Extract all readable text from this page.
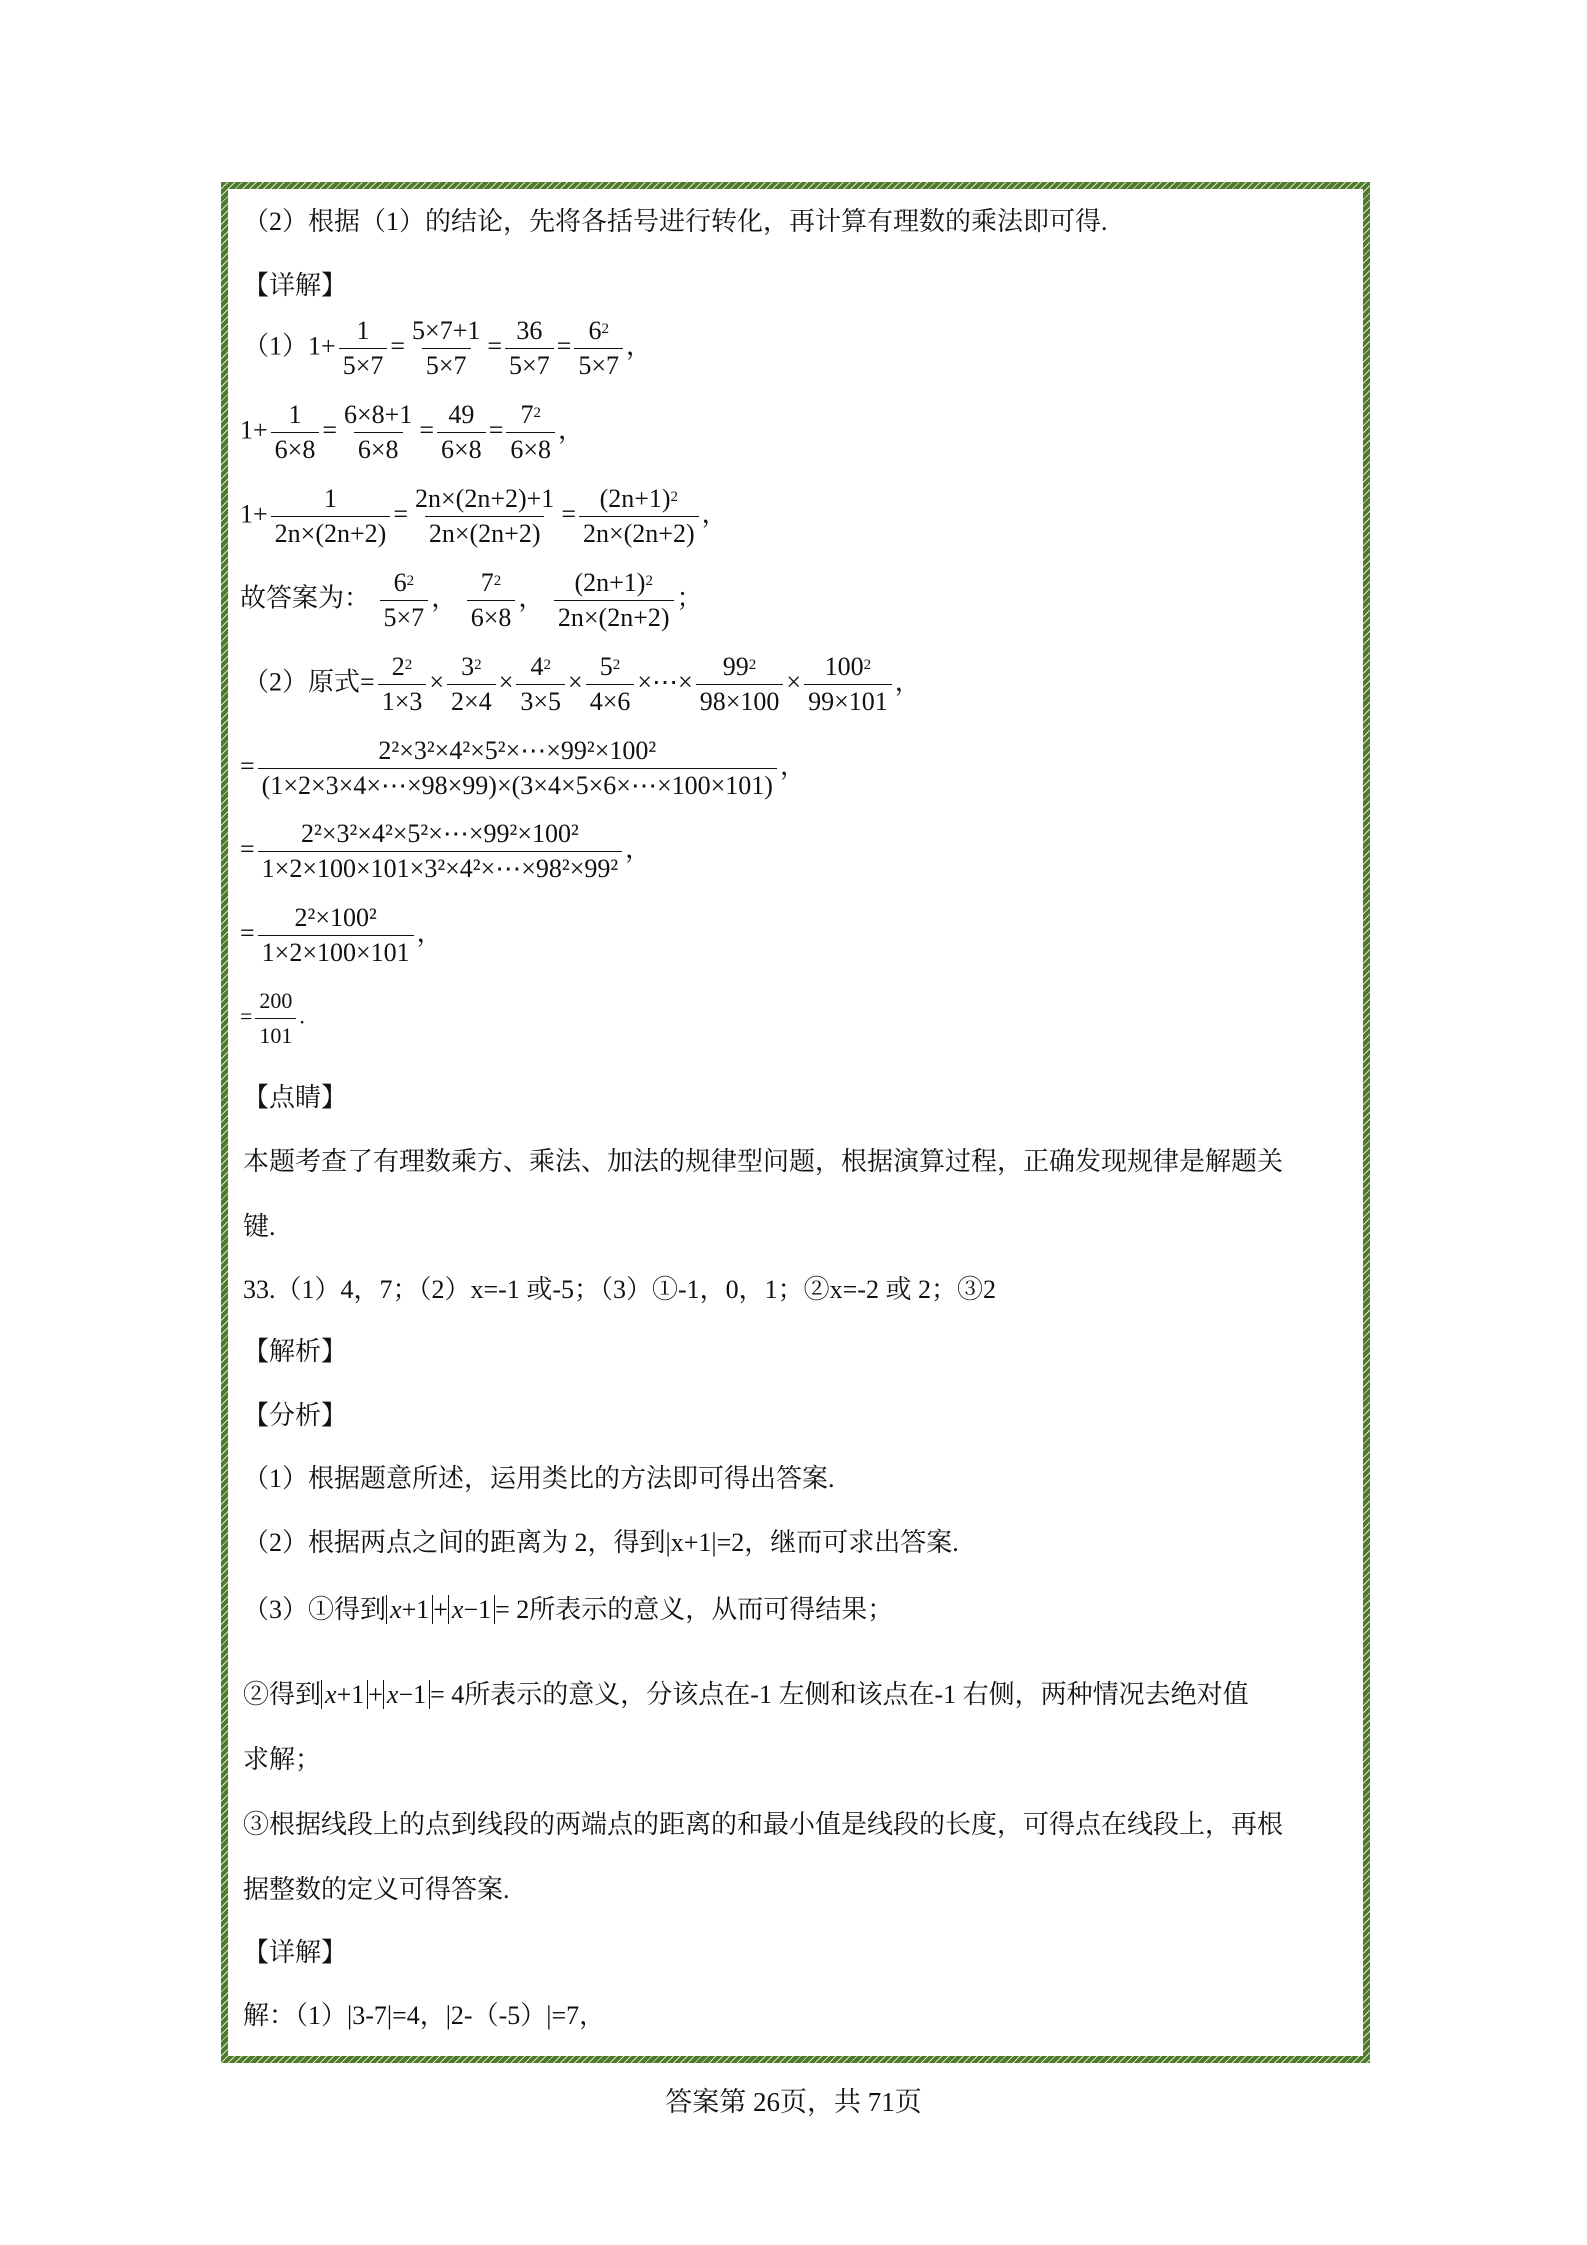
（2）根据（1）的结论，先将各括号进行转化，再计算有理数的乘法即可得.
【详解】
$(1)1+ \frac{1}{5\times 7} = \frac{5\times 7+1}{5\times 7} = \frac{36}{5\times 7} = \frac{6^2}{5\times 7}$ ，
$1+ \frac{1}{6\times 8} = \frac{6\times 8+1}{6\times 8} = \frac{49}{6\times 8} = \frac{7^2}{6\times 8}$ ，
$1+ \frac{1}{2n\times(2n+2)} = \frac{2n\times(2n+2)+1}{2n\times(2n+2)} = \frac{(2n+1)^2}{2n\times(2n+2)}$ ，
故答案为： $\frac{6^2}{5\times 7}$ ， $\frac{7^2}{6\times 8}$ ， $\frac{(2n+1)^2}{2n\times(2n+2)}$ ；
（2）原式= $\frac{2^2}{1\times 3} \times \frac{3^2}{2\times 4} \times \frac{4^2}{3\times 5} \times \frac{5^2}{4\times 6}$ ×⋯× $\frac{99^2}{98\times 100} \times \frac{100^2}{99\times 101}$ ，
= $\frac{\text{2²×3²×4²×5²×⋯×99²×100²}}{(1\times 2\times 3\times 4\times\cdots\times 98\times 99)\times(3\times 4\times 5\times 6\times\cdots\times 100\times 101)}$ ，
= $\frac{\text{2²×3²×4²×5²×⋯×99²×100²}}{\text{1×2×100×101×3²×4²×⋯×98²×99²}}$ ，
= $\frac{\text{2²×100²}}{1\times 2\times 100\times 101}$ ，
= $\frac{200}{101}$ .
【点睛】
本题考查了有理数乘方、乘法、加法的规律型问题，根据演算过程，正确发现规律是解题关
键.
33.（1）4，7；（2）x=-1 或-5；（3）①-1，0，1；②x=-2 或 2；③2
【解析】
【分析】
（1）根据题意所述，运用类比的方法即可得出答案.
（2）根据两点之间的距离为 2，得到|x+1|=2，继而可求出答案.
（3）①得到 x+1 + x−1 = 2所表示的意义，从而可得结果；
②得到 x+1 + x−1 = 4所表示的意义，分该点在-1 左侧和该点在-1 右侧，两种情况去绝对值
求解；
③根据线段上的点到线段的两端点的距离的和最小值是线段的长度，可得点在线段上，再根
据整数的定义可得答案.
【详解】
解：（1）|3-7|=4，|2-（-5）|=7，
答案第 26页，共 71页
